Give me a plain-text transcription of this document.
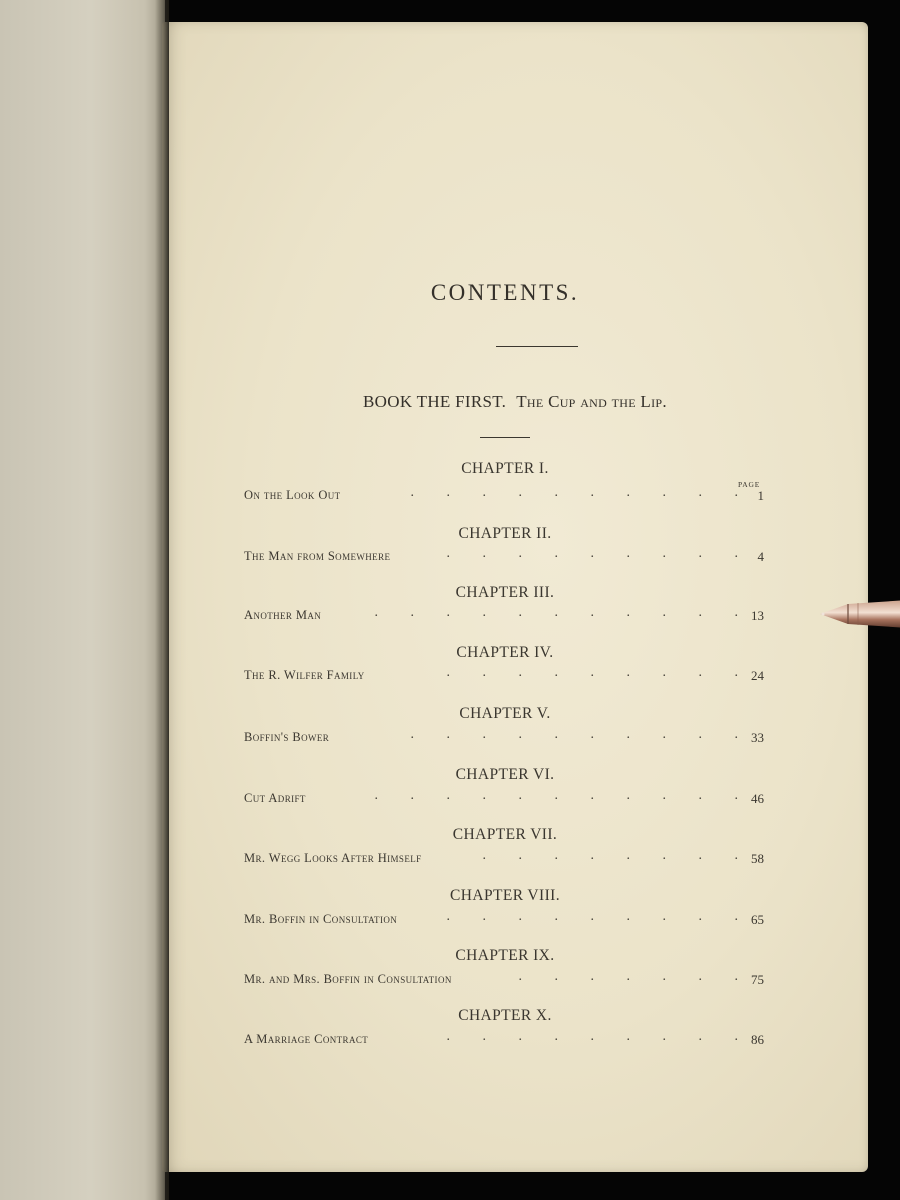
CONTENTS.
BOOK THE FIRST. The Cup and the Lip.
PAGE
CHAPTER I.
On the Look Out	. . . . . . . . . . 1
CHAPTER II.
The Man from Somewhere	. . . . . . . . . 4
CHAPTER III.
Another Man	. . . . . . . . . . . 13
CHAPTER IV.
The R. Wilfer Family	. . . . . . . . . 24
CHAPTER V.
Boffin's Bower	. . . . . . . . . . 33
CHAPTER VI.
Cut Adrift	. . . . . . . . . . . 46
CHAPTER VII.
Mr. Wegg Looks After Himself	. . . . . . . . 58
CHAPTER VIII.
Mr. Boffin in Consultation	. . . . . . . . . 65
CHAPTER IX.
Mr. and Mrs. Boffin in Consultation	. . . . . . . 75
CHAPTER X.
A Marriage Contract	. . . . . . . . . 86
